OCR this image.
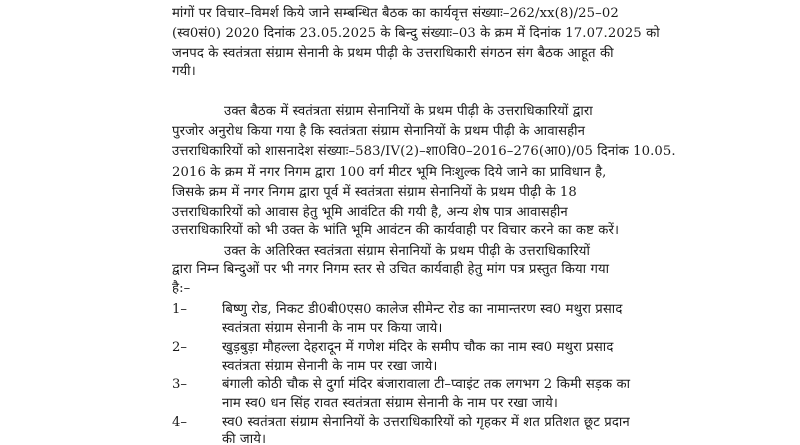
मांगों पर विचार–विमर्श किये जाने सम्बन्धित बैठक का कार्यवृत्त संख्याः–262/xx(8)/25–02
(स्व0सं0) 2020 दिनांक 23.05.2025 के बिन्दु संख्याः–03 के क्रम में दिनांक 17.07.2025 को
जनपद के स्वतंत्रता संग्राम सेनानी के प्रथम पीढ़ी के उत्तराधिकारी संगठन संग बैठक आहूत की
गयी।
उक्त बैठक में स्वतंत्रता संग्राम सेनानियों के प्रथम पीढ़ी के उत्तराधिकारियों द्वारा
पुरजोर अनुरोध किया गया है कि स्वतंत्रता संग्राम सेनानियों के प्रथम पीढ़ी के आवासहीन
उत्तराधिकारियों को शासनादेश संख्याः–583/IV(2)–शा0वि0–2016–276(आ0)/05 दिनांक 10.05.
2016 के क्रम में नगर निगम द्वारा 100 वर्ग मीटर भूमि निःशुल्क दिये जाने का प्राविधान है,
जिसके क्रम में नगर निगम द्वारा पूर्व में स्वतंत्रता संग्राम सेनानियों के प्रथम पीढ़ी के 18
उत्तराधिकारियों को आवास हेतु भूमि आवंटित की गयी है, अन्य शेष पात्र आवासहीन
उत्तराधिकारियों को भी उक्त के भांति भूमि आवंटन की कार्यवाही पर विचार करने का कष्ट करें।
उक्त के अतिरिक्त स्वतंत्रता संग्राम सेनानियों के प्रथम पीढ़ी के उत्तराधिकारियों
द्वारा निम्न बिन्दुओं पर भी नगर निगम स्तर से उचित कार्यवाही हेतु मांग पत्र प्रस्तुत किया गया
है:–
1–	बिष्णु रोड, निकट डी0बी0एस0 कालेज सीमेन्ट रोड का नामान्तरण स्व0 मथुरा प्रसाद
स्वतंत्रता संग्राम सेनानी के नाम पर किया जाये।
2–	खुड़बुड़ा मौहल्ला देहरादून में गणेश मंदिर के समीप चौक का नाम स्व0 मथुरा प्रसाद
स्वतंत्रता संग्राम सेनानी के नाम पर रखा जाये।
3–	बंगाली कोठी चौक से दुर्गा मंदिर बंजारावाला टी–प्वाइंट तक लगभग 2 किमी सड़क का
नाम स्व0 धन सिंह रावत स्वतंत्रता संग्राम सेनानी के नाम पर रखा जाये।
4–	स्व0 स्वतंत्रता संग्राम सेनानियों के उत्तराधिकारियों को गृहकर में शत प्रतिशत छूट प्रदान
की जाये।
